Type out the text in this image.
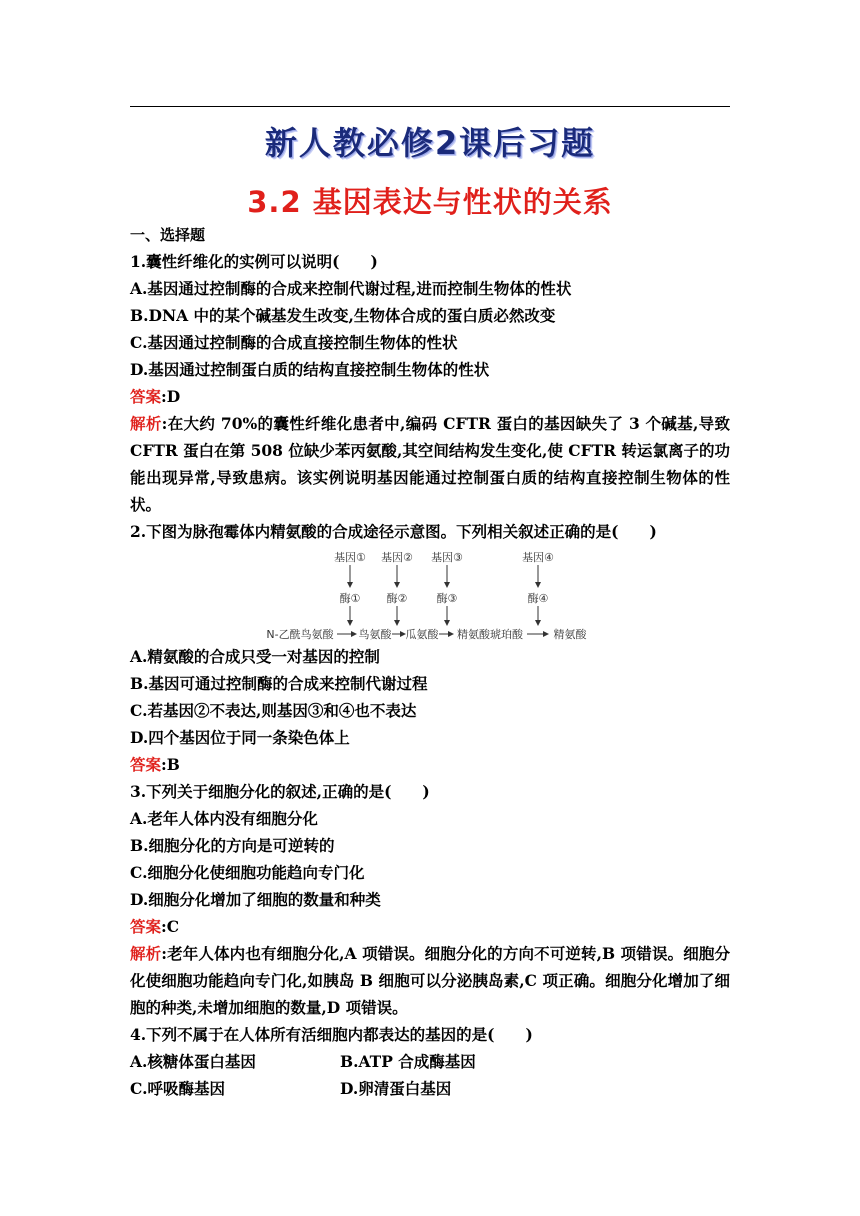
新人教必修2课后习题
3.2 基因表达与性状的关系
一、选择题
1.囊性纤维化的实例可以说明(　　)
A.基因通过控制酶的合成来控制代谢过程,进而控制生物体的性状
B.DNA 中的某个碱基发生改变,生物体合成的蛋白质必然改变
C.基因通过控制酶的合成直接控制生物体的性状
D.基因通过控制蛋白质的结构直接控制生物体的性状
答案:D
解析:在大约 70%的囊性纤维化患者中,编码 CFTR 蛋白的基因缺失了 3 个碱基,导致 CFTR 蛋白在第 508 位缺少苯丙氨酸,其空间结构发生变化,使 CFTR 转运氯离子的功能出现异常,导致患病。该实例说明基因能通过控制蛋白质的结构直接控制生物体的性状。
2.下图为脉孢霉体内精氨酸的合成途径示意图。下列相关叙述正确的是(　　)
基因① 基因② 基因③	基因④
酶① 酶②	酶③	酶④
N-乙酰鸟氨酸 鸟氨酸 瓜氨酸 精氨酸琥珀酸	精氨酸
A.精氨酸的合成只受一对基因的控制
B.基因可通过控制酶的合成来控制代谢过程
C.若基因②不表达,则基因③和④也不表达
D.四个基因位于同一条染色体上
答案:B
3.下列关于细胞分化的叙述,正确的是(　　)
A.老年人体内没有细胞分化
B.细胞分化的方向是可逆转的
C.细胞分化使细胞功能趋向专门化
D.细胞分化增加了细胞的数量和种类
答案:C
解析:老年人体内也有细胞分化,A 项错误。细胞分化的方向不可逆转,B 项错误。细胞分化使细胞功能趋向专门化,如胰岛 B 细胞可以分泌胰岛素,C 项正确。细胞分化增加了细胞的种类,未增加细胞的数量,D 项错误。
4.下列不属于在人体所有活细胞内都表达的基因的是(　　)
A.核糖体蛋白基因	B.ATP 合成酶基因
C.呼吸酶基因	D.卵清蛋白基因
